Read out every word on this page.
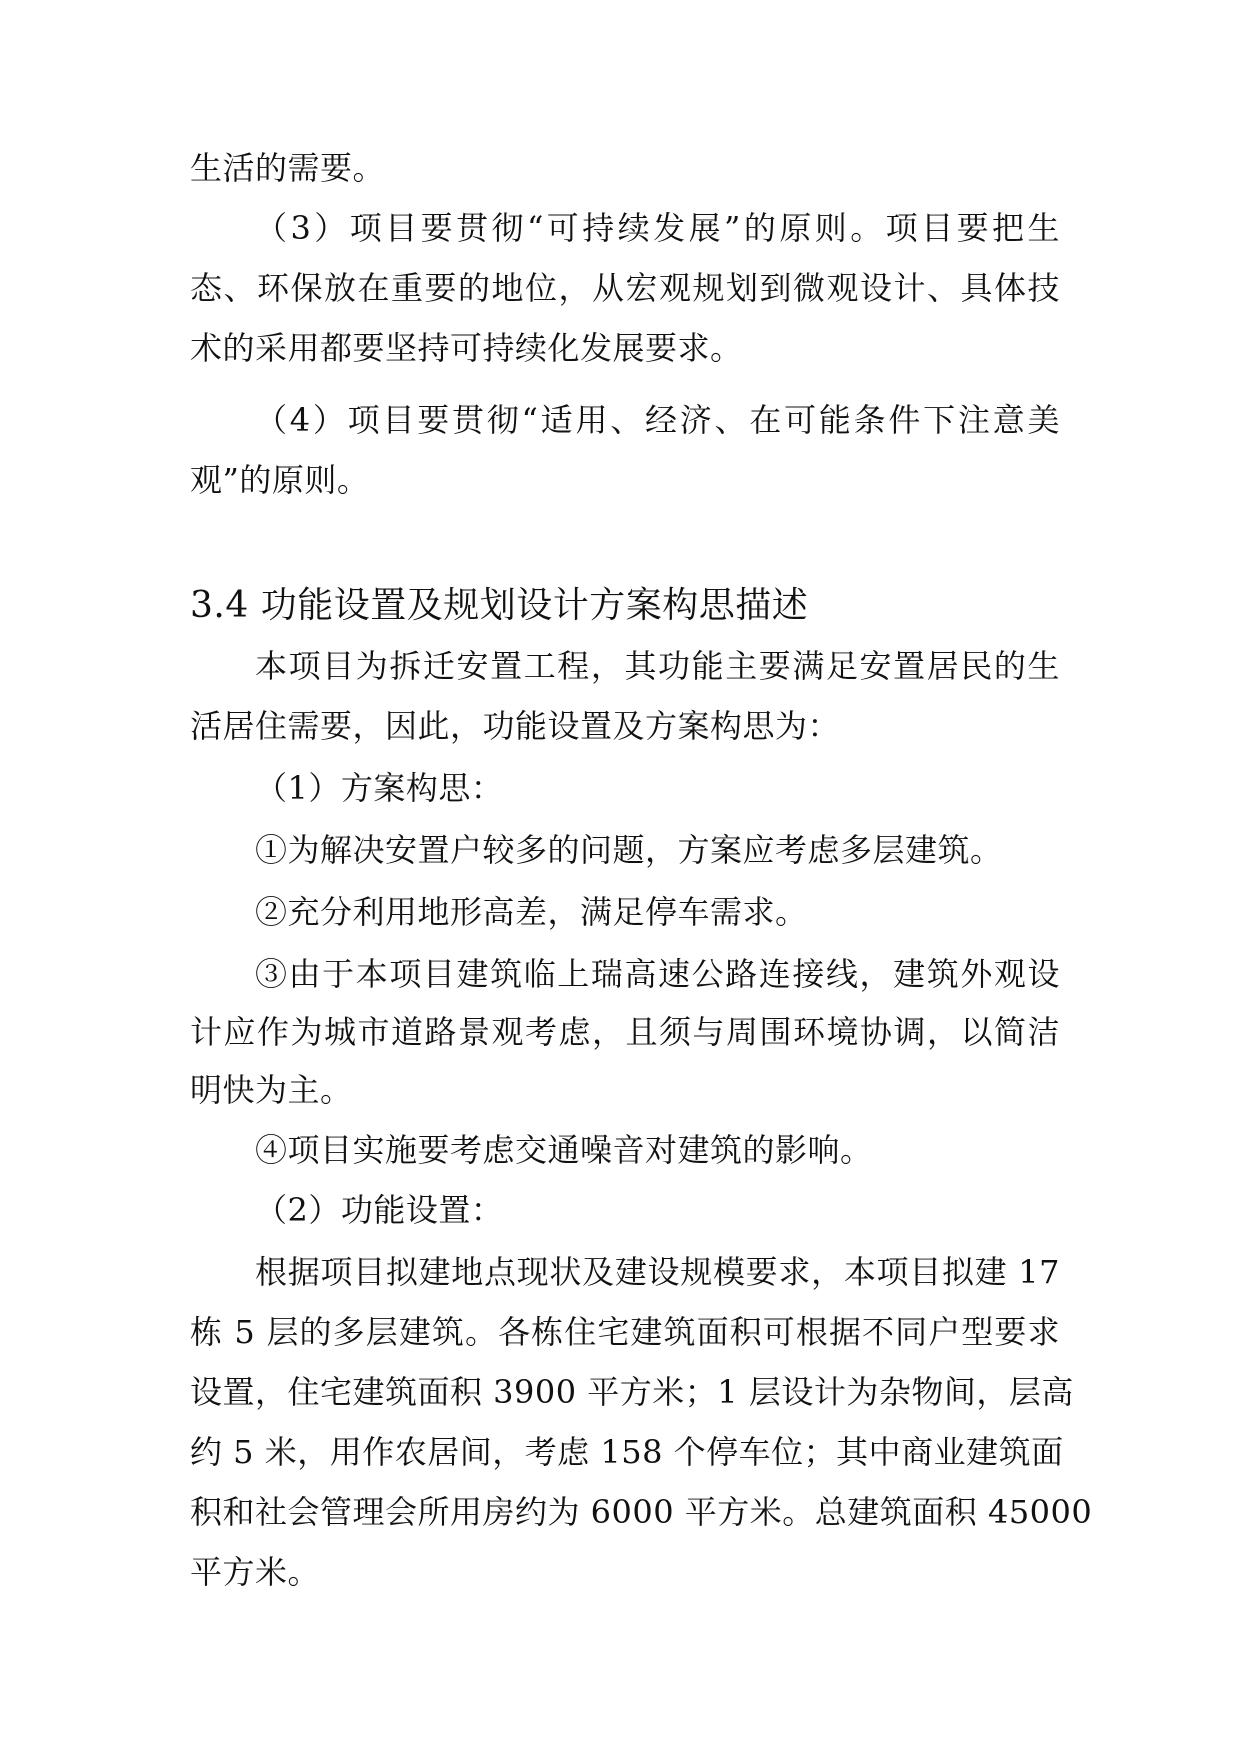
生活的需要。
（3）项目要贯彻“可持续发展”的原则。项目要把生
态、环保放在重要的地位，从宏观规划到微观设计、具体技
术的采用都要坚持可持续化发展要求。
（4）项目要贯彻“适用、经济、在可能条件下注意美
观”的原则。
3.4 功能设置及规划设计方案构思描述
本项目为拆迁安置工程，其功能主要满足安置居民的生
活居住需要，因此，功能设置及方案构思为：
（1）方案构思：
①为解决安置户较多的问题，方案应考虑多层建筑。
②充分利用地形高差，满足停车需求。
③由于本项目建筑临上瑞高速公路连接线，建筑外观设
计应作为城市道路景观考虑，且须与周围环境协调，以简洁
明快为主。
④项目实施要考虑交通噪音对建筑的影响。
（2）功能设置：
根据项目拟建地点现状及建设规模要求，本项目拟建 17
栋 5 层的多层建筑。各栋住宅建筑面积可根据不同户型要求
设置，住宅建筑面积 3900 平方米；1 层设计为杂物间，层高
约 5 米，用作农居间，考虑 158 个停车位；其中商业建筑面
积和社会管理会所用房约为 6000 平方米。总建筑面积 45000
平方米。
